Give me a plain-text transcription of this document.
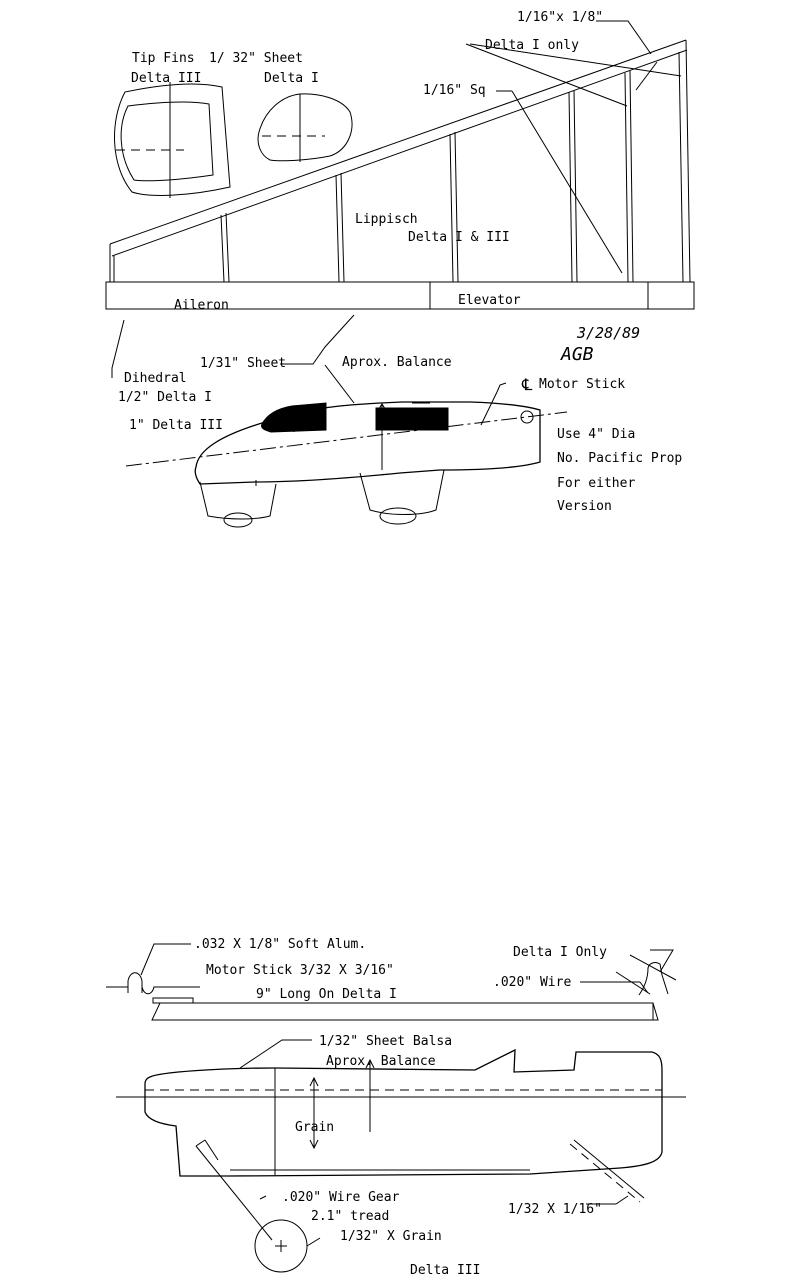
1/16"x 1/8"
Delta I only
Tip Fins
Delta III
1/ 32" Sheet
Delta I
1/16" Sq
Lippisch
Delta I & III
Aileron	Elevator
3/28/89
AGB
Dihedral
1/2" Delta I
1" Delta III
1/31" Sheet	Aprox. Balance
℄ Motor Stick
Use 4" Dia
No. Pacific Prop
For either
Version
.032 X 1/8" Soft Alum.
Motor Stick 3/32 X 3/16"
9" Long On Delta I
Delta I Only
.020" Wire
1/32" Sheet Balsa
Aprox. Balance
Grain
.020" Wire Gear
2.1" tread
1/32" X Grain
1/32 X 1/16"
Delta III
